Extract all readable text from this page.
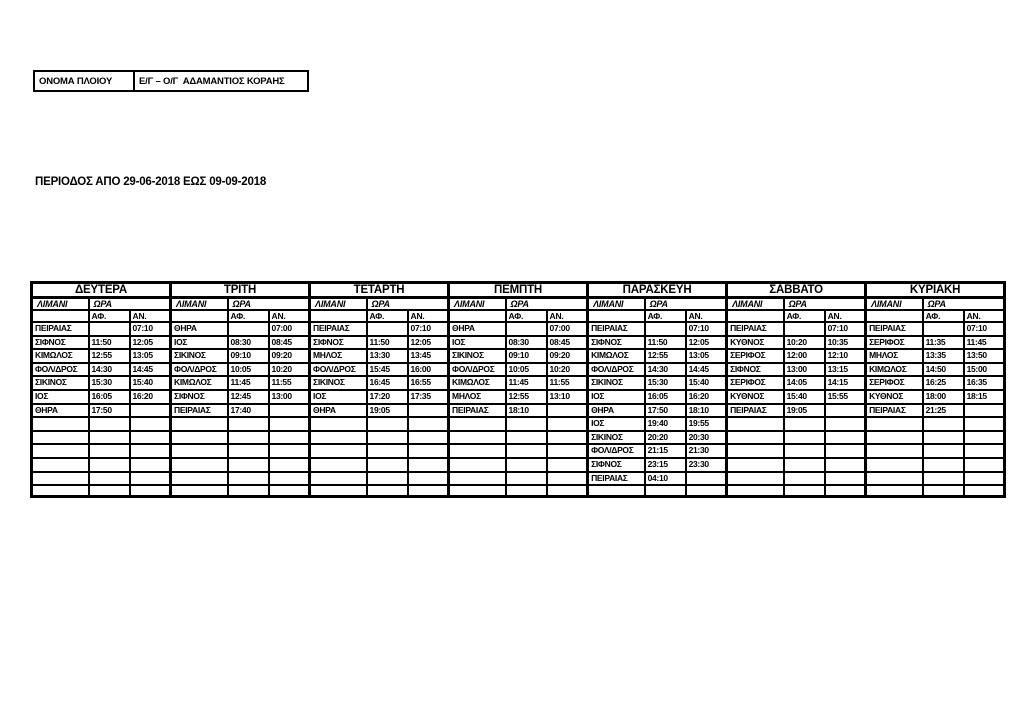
ΟΝΟΜΑ ΠΛΟΙΟΥ	Ε/Γ – Ο/Γ  ΑΔΑΜΑΝΤΙΟΣ ΚΟΡΑΗΣ
ΠΕΡΙΟΔΟΣ ΑΠΟ 29-06-2018 ΕΩΣ 09-09-2018
ΔΕΥΤΕΡΑ			ΤΡΙΤΗ			ΤΕΤΑΡΤΗ			ΠΕΜΠΤΗ			ΠΑΡΑΣΚΕΥΗ			ΣΑΒΒΑΤΟ			ΚΥΡΙΑΚΗ		
ΛΙΜΑΝΙ	ΩΡΑ		ΛΙΜΑΝΙ	ΩΡΑ		ΛΙΜΑΝΙ	ΩΡΑ		ΛΙΜΑΝΙ	ΩΡΑ		ΛΙΜΑΝΙ	ΩΡΑ		ΛΙΜΑΝΙ	ΩΡΑ		ΛΙΜΑΝΙ	ΩΡΑ	
	ΑΦ.	ΑΝ.		ΑΦ.	ΑΝ.		ΑΦ.	ΑΝ.		ΑΦ.	ΑΝ.		ΑΦ.	ΑΝ.		ΑΦ.	ΑΝ.		ΑΦ.	ΑΝ.
ΠΕΙΡΑΙΑΣ		07:10	ΘΗΡΑ		07:00	ΠΕΙΡΑΙΑΣ		07:10	ΘΗΡΑ		07:00	ΠΕΙΡΑΙΑΣ		07:10	ΠΕΙΡΑΙΑΣ		07:10	ΠΕΙΡΑΙΑΣ		07:10
ΣΙΦΝΟΣ	11:50	12:05	ΙΟΣ	08:30	08:45	ΣΙΦΝΟΣ	11:50	12:05	ΙΟΣ	08:30	08:45	ΣΙΦΝΟΣ	11:50	12:05	ΚΥΘΝΟΣ	10:20	10:35	ΣΕΡΙΦΟΣ	11:35	11:45
ΚΙΜΩΛΟΣ	12:55	13:05	ΣΙΚΙΝΟΣ	09:10	09:20	ΜΗΛΟΣ	13:30	13:45	ΣΙΚΙΝΟΣ	09:10	09:20	ΚΙΜΩΛΟΣ	12:55	13:05	ΣΕΡΙΦΟΣ	12:00	12:10	ΜΗΛΟΣ	13:35	13:50
ΦΟΛ/ΔΡΟΣ	14:30	14:45	ΦΟΛ/ΔΡΟΣ	10:05	10:20	ΦΟΛ/ΔΡΟΣ	15:45	16:00	ΦΟΛ/ΔΡΟΣ	10:05	10:20	ΦΟΛ/ΔΡΟΣ	14:30	14:45	ΣΙΦΝΟΣ	13:00	13:15	ΚΙΜΩΛΟΣ	14:50	15:00
ΣΙΚΙΝΟΣ	15:30	15:40	ΚΙΜΩΛΟΣ	11:45	11:55	ΣΙΚΙΝΟΣ	16:45	16:55	ΚΙΜΩΛΟΣ	11:45	11:55	ΣΙΚΙΝΟΣ	15:30	15:40	ΣΕΡΙΦΟΣ	14:05	14:15	ΣΕΡΙΦΟΣ	16:25	16:35
ΙΟΣ	16:05	16:20	ΣΙΦΝΟΣ	12:45	13:00	ΙΟΣ	17:20	17:35	ΜΗΛΟΣ	12:55	13:10	ΙΟΣ	16:05	16:20	ΚΥΘΝΟΣ	15:40	15:55	ΚΥΘΝΟΣ	18:00	18:15
ΘΗΡΑ	17:50		ΠΕΙΡΑΙΑΣ	17:40		ΘΗΡΑ	19:05		ΠΕΙΡΑΙΑΣ	18:10		ΘΗΡΑ	17:50	18:10	ΠΕΙΡΑΙΑΣ	19:05		ΠΕΙΡΑΙΑΣ	21:25	
												ΙΟΣ	19:40	19:55						
												ΣΙΚΙΝΟΣ	20:20	20:30						
												ΦΟΛ/ΔΡΟΣ	21:15	21:30						
												ΣΙΦΝΟΣ	23:15	23:30						
												ΠΕΙΡΑΙΑΣ	04:10							
